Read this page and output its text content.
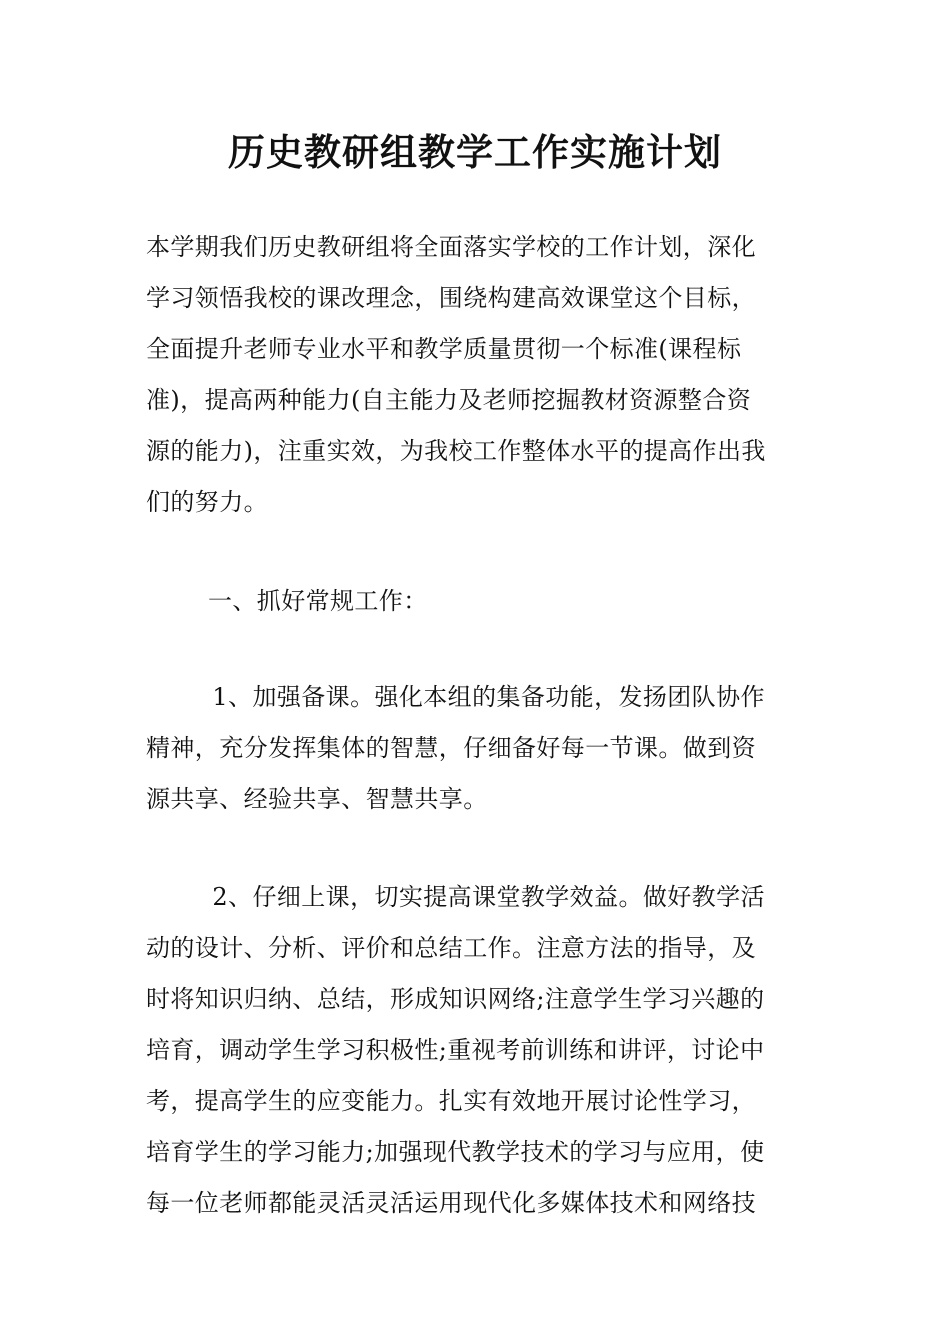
历史教研组教学工作实施计划
本学期我们历史教研组将全面落实学校的工作计划，深化
学习领悟我校的课改理念，围绕构建高效课堂这个目标，
全面提升老师专业水平和教学质量贯彻一个标准(课程标
准)，提高两种能力(自主能力及老师挖掘教材资源整合资
源的能力)，注重实效，为我校工作整体水平的提高作出我
们的努力。

一、抓好常规工作：

　1、加强备课。强化本组的集备功能，发扬团队协作
精神，充分发挥集体的智慧，仔细备好每一节课。做到资
源共享、经验共享、智慧共享。
　2、仔细上课，切实提高课堂教学效益。做好教学活
动的设计、分析、评价和总结工作。注意方法的指导，及
时将知识归纳、总结，形成知识网络;注意学生学习兴趣的
培育，调动学生学习积极性;重视考前训练和讲评，讨论中
考，提高学生的应变能力。扎实有效地开展讨论性学习，
培育学生的学习能力;加强现代教学技术的学习与应用，使
每一位老师都能灵活灵活运用现代化多媒体技术和网络技
